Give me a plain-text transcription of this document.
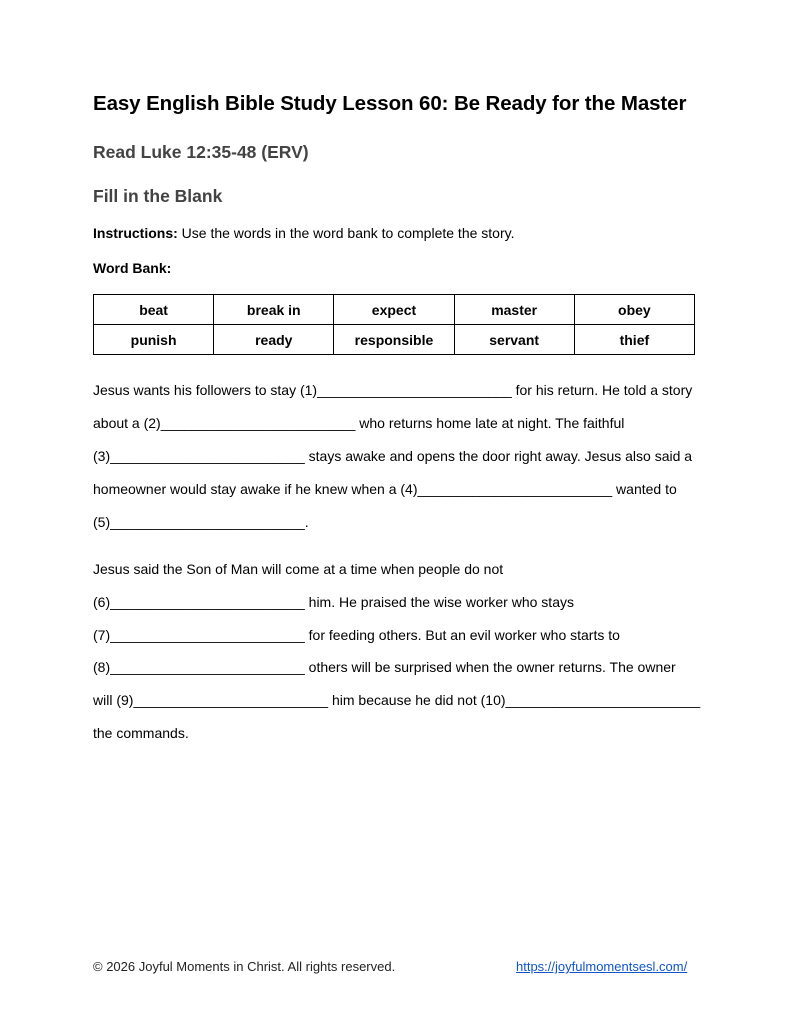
Easy English Bible Study Lesson 60: Be Ready for the Master
Read Luke 12:35-48 (ERV)
Fill in the Blank
Instructions: Use the words in the word bank to complete the story.
Word Bank:
beat	break in	expect	master	obey
punish	ready	responsible	servant	thief
Jesus wants his followers to stay (1)_________________________ for his return. He told a story
about a (2)_________________________ who returns home late at night. The faithful
(3)_________________________ stays awake and opens the door right away. Jesus also said a
homeowner would stay awake if he knew when a (4)_________________________ wanted to
(5)_________________________.
Jesus said the Son of Man will come at a time when people do not
(6)_________________________ him. He praised the wise worker who stays
(7)_________________________ for feeding others. But an evil worker who starts to
(8)_________________________ others will be surprised when the owner returns. The owner
will (9)_________________________ him because he did not (10)_________________________
the commands.
© 2026 Joyful Moments in Christ. All rights reserved.	https://joyfulmomentsesl.com/
